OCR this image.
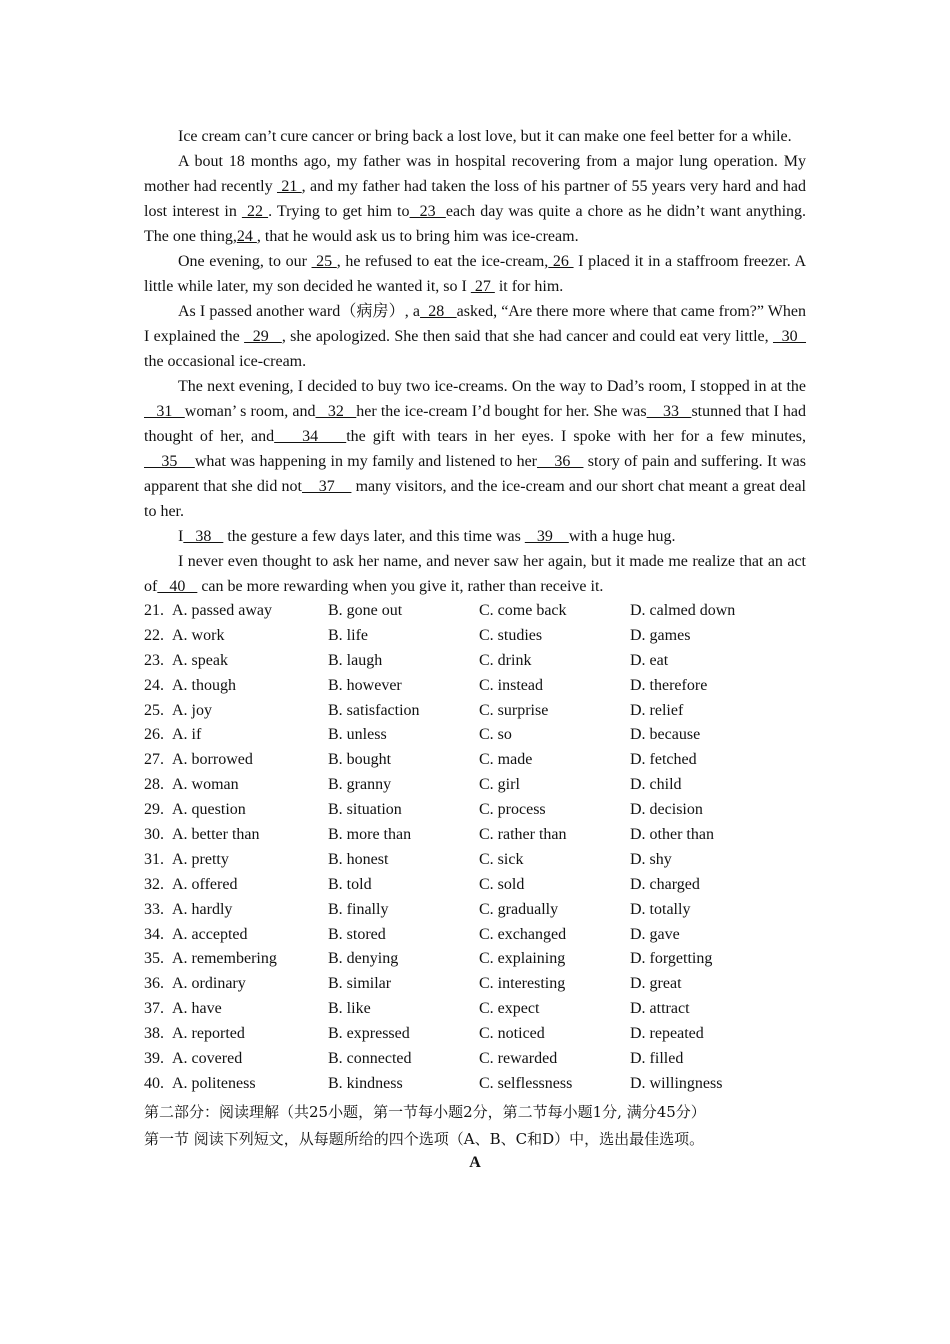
Ice cream can’t cure cancer or bring back a lost love, but it can make one feel better for a while.

A bout 18 months ago, my father was in hospital recovering from a major lung operation. My mother had recently  21 , and my father had taken the loss of his partner of 55 years very hard and had lost interest in  22 . Trying to get him to  23  each day was quite a chore as he didn’t want anything. The one thing,24 , that he would ask us to bring him was ice-cream.

One evening, to our  25 , he refused to eat the ice-cream, 26  I placed it in a staffroom freezer. A little while later, my son decided he wanted it, so I  27  it for him.

As I passed another ward（病房）, a  28   asked, “Are there more where that came from?” When I explained the   29   , she apologized. She then said that she had cancer and could eat very little,   30   the occasional ice-cream.

The next evening, I decided to buy two ice-creams. On the way to Dad’s room, I stopped in at the   31   woman’ s room, and   32   her the ice-cream I’d bought for her. She was    33   stunned that I had thought of her, and    34    the gift with tears in her eyes. I spoke with her for a few minutes,    35    what was happening in my family and listened to her    36    story of pain and suffering. It was apparent that she did not    37     many visitors, and the ice-cream and our short chat meant a great deal to her.

I   38    the gesture a few days later, and this time was    39    with a huge hug.

I never even thought to ask her name, and never saw her again, but it made me realize that an act of   40    can be more rewarding when you give it, rather than receive it.

21. A. passed away	B. gone out	C. come back	D. calmed down
22. A. work	B. life	C. studies	D. games
23. A. speak	B. laugh	C. drink	D. eat
24. A. though	B. however	C. instead	D. therefore
25. A. joy	B. satisfaction	C. surprise	D. relief
26. A. if	B. unless	C. so	D. because
27. A. borrowed	B. bought	C. made	D. fetched
28. A. woman	B. granny	C. girl	D. child
29. A. question	B. situation	C. process	D. decision
30. A. better than	B. more than	C. rather than	D. other than
31. A. pretty	B. honest	C. sick	D. shy
32. A. offered	B. told	C. sold	D. charged
33. A. hardly	B. finally	C. gradually	D. totally
34. A. accepted	B. stored	C. exchanged	D. gave
35. A. remembering	B. denying	C. explaining	D. forgetting
36. A. ordinary	B. similar	C. interesting	D. great
37. A. have	B. like	C. expect	D. attract
38. A. reported	B. expressed	C. noticed	D. repeated
39. A. covered	B. connected	C. rewarded	D. filled
40. A. politeness	B. kindness	C. selflessness	D. willingness

第二部分：阅读理解（共25小题，第一节每小题2分，第二节每小题1分, 满分45分）

第一节 阅读下列短文，从每题所给的四个选项（A、B、C和D）中，选出最佳选项。

A
